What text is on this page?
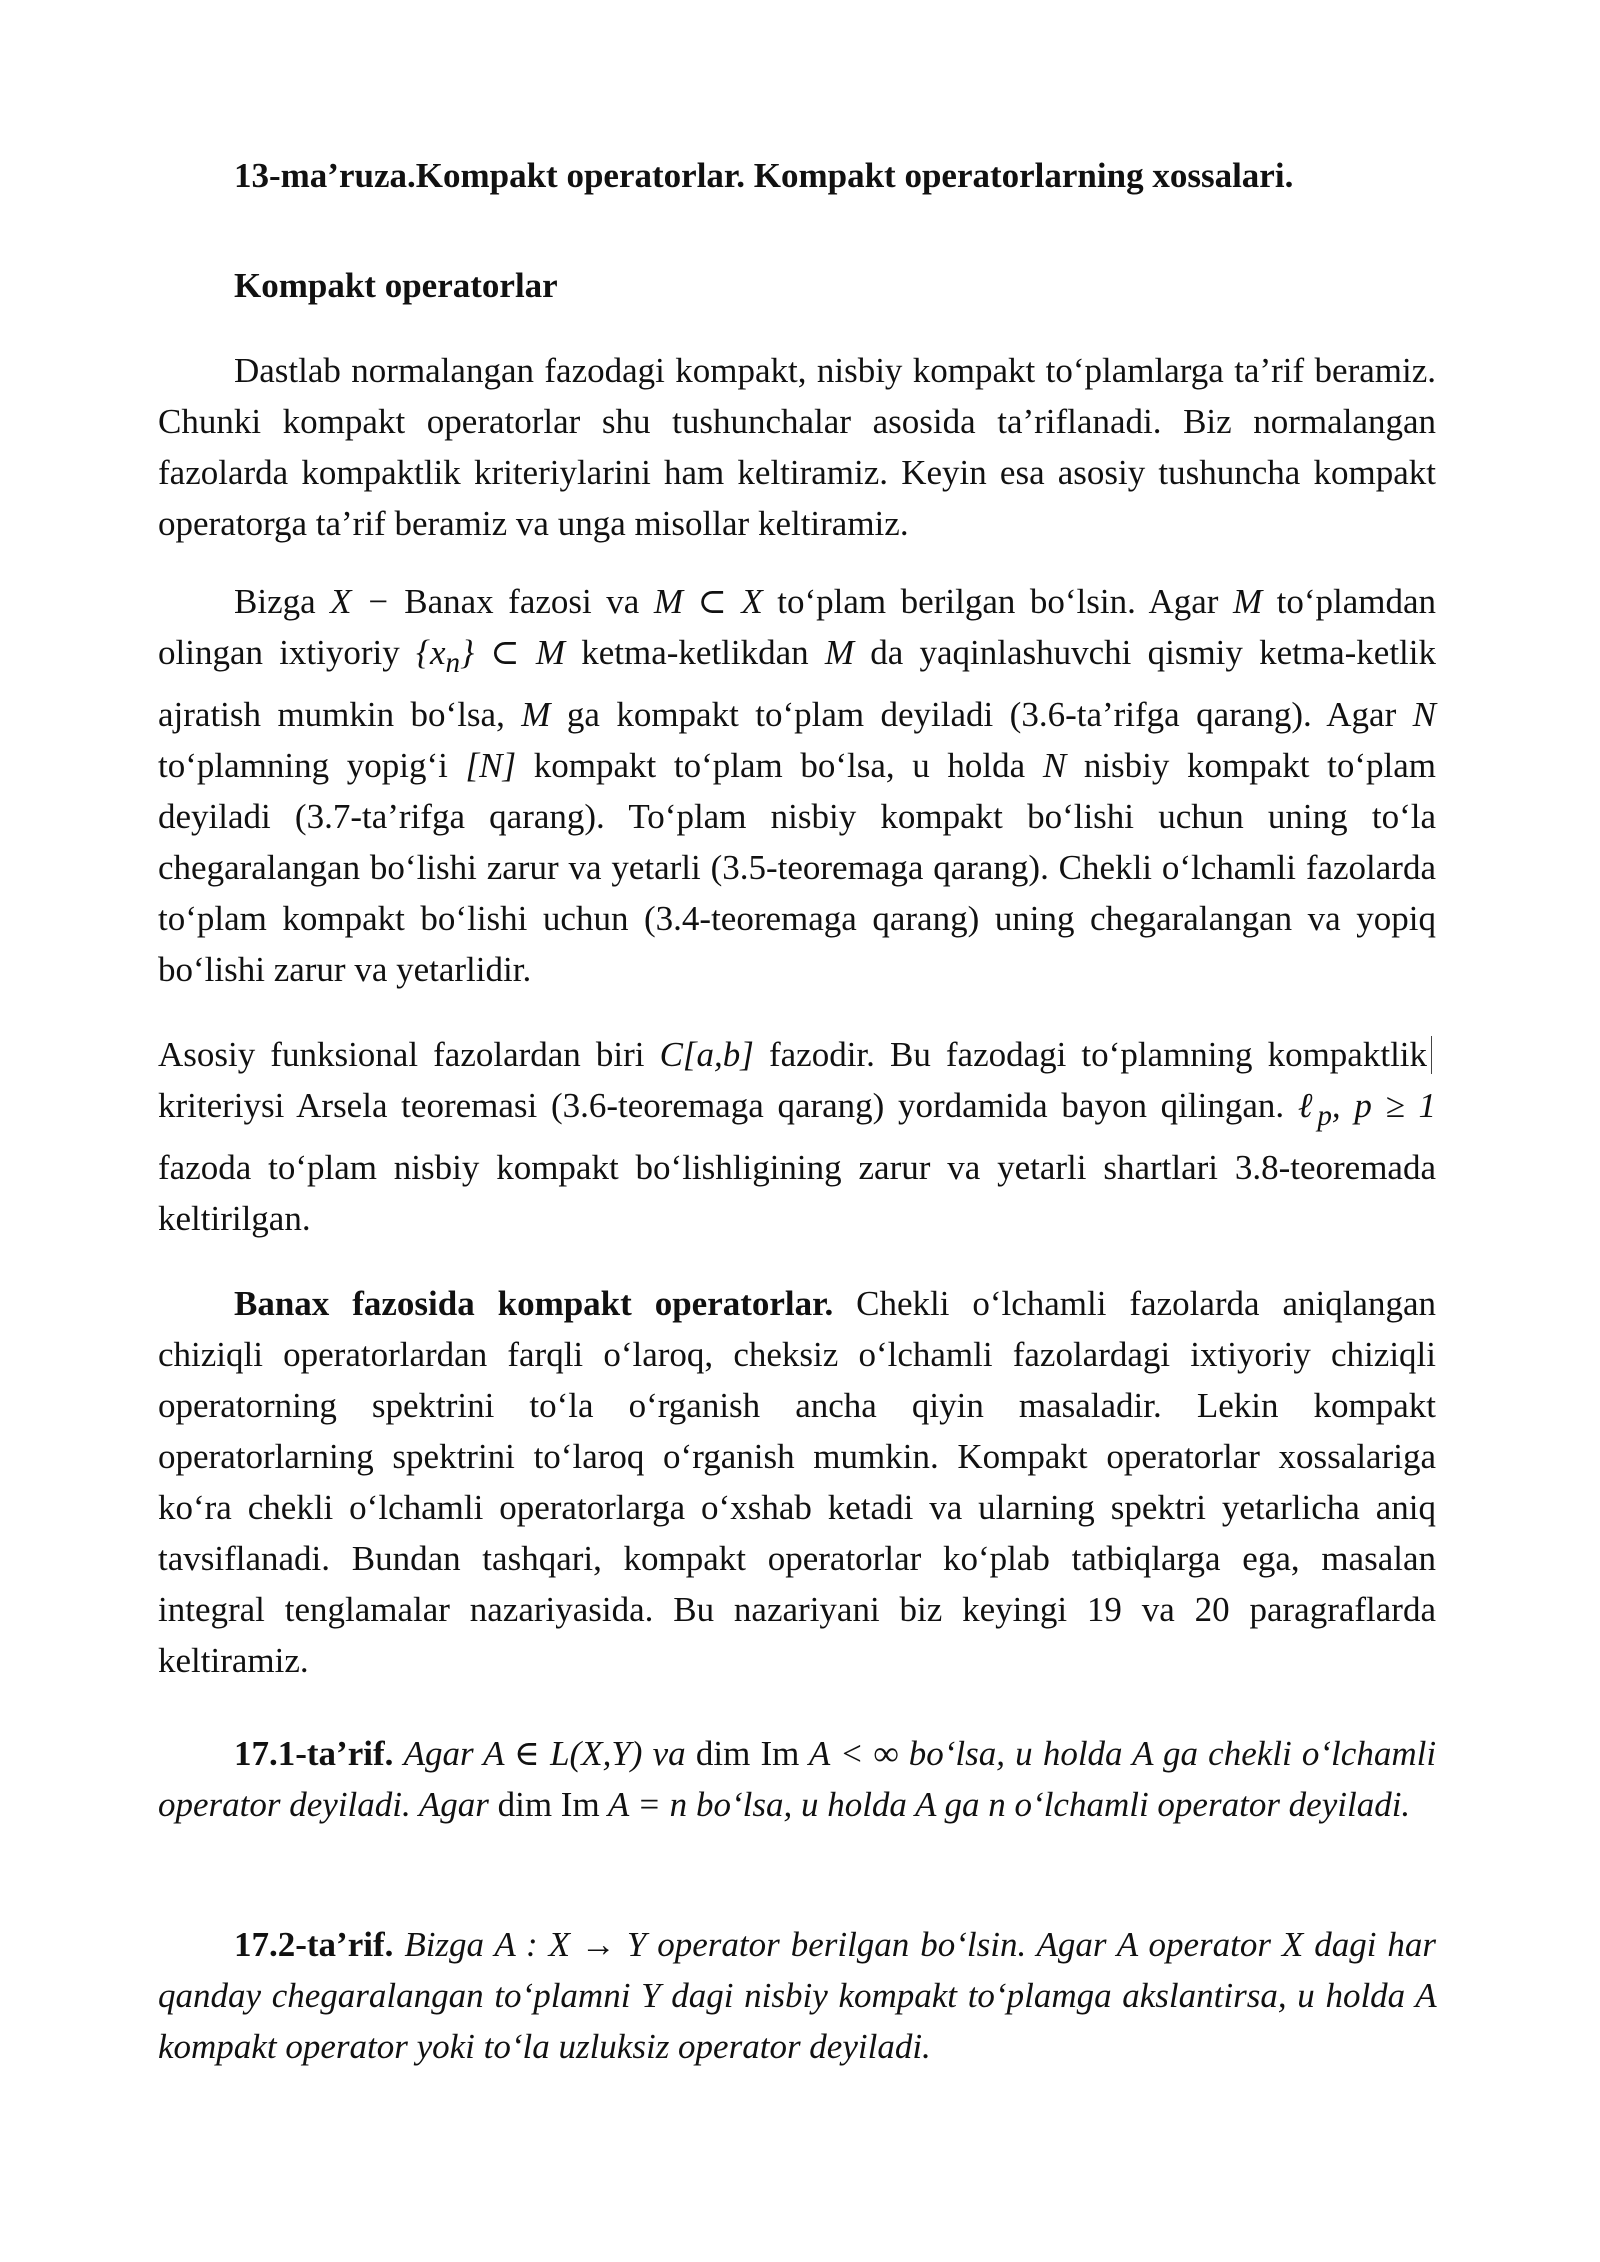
13-ma’ruza.Kompakt operatorlar. Kompakt operatorlarning xossalari.

Kompakt operatorlar

Dastlab normalangan fazodagi kompakt, nisbiy kompakt to‘plamlarga ta’rif beramiz. Chunki kompakt operatorlar shu tushunchalar asosida ta’riflanadi. Biz normalangan fazolarda kompaktlik kriteriylarini ham keltiramiz. Keyin esa asosiy tushuncha kompakt operatorga ta’rif beramiz va unga misollar keltiramiz.

Bizga X − Banax fazosi va M ⊂ X to‘plam berilgan bo‘lsin. Agar M to‘plamdan olingan ixtiyoriy $\{x_n\}$ ⊂ M ketma-ketlikdan M da yaqinlashuvchi qismiy ketma-ketlik ajratish mumkin bo‘lsa, M ga kompakt to‘plam deyiladi (3.6-ta’rifga qarang). Agar N to‘plamning yopig‘i [N] kompakt to‘plam bo‘lsa, u holda N nisbiy kompakt to‘plam deyiladi (3.7-ta’rifga qarang). To‘plam nisbiy kompakt bo‘lishi uchun uning to‘la chegaralangan bo‘lishi zarur va yetarli (3.5-teoremaga qarang). Chekli o‘lchamli fazolarda to‘plam kompakt bo‘lishi uchun (3.4-teoremaga qarang) uning chegaralangan va yopiq bo‘lishi zarur va yetarlidir.

Asosiy funksional fazolardan biri C[a,b] fazodir. Bu fazodagi to‘plamning kompaktlikkriteriysi Arsela teoremasi (3.6-teoremaga qarang) yordamida bayon qilingan. ℓ$_p$, p ≥ 1 fazoda to‘plam nisbiy kompakt bo‘lishligining zarur va yetarli shartlari 3.8-teoremada keltirilgan.

Banax fazosida kompakt operatorlar. Chekli o‘lchamli fazolarda aniqlangan chiziqli operatorlardan farqli o‘laroq, cheksiz o‘lchamli fazolardagi ixtiyoriy chiziqli operatorning spektrini to‘la o‘rganish ancha qiyin masaladir. Lekin kompakt operatorlarning spektrini to‘laroq o‘rganish mumkin. Kompakt operatorlar xossalariga ko‘ra chekli o‘lchamli operatorlarga o‘xshab ketadi va ularning spektri yetarlicha aniq tavsiflanadi. Bundan tashqari, kompakt operatorlar ko‘plab tatbiqlarga ega, masalan integral tenglamalar nazariyasida. Bu nazariyani biz keyingi 19 va 20 paragraflarda keltiramiz.

17.1-ta’rif. Agar A ∈ L(X,Y) va dim Im A < ∞ bo‘lsa, u holda A ga chekli o‘lchamli operator deyiladi. Agar dim Im A = n bo‘lsa, u holda A ga n o‘lchamli operator deyiladi.

17.2-ta’rif. Bizga A : X → Y operator berilgan bo‘lsin. Agar A operator X dagi har qanday chegaralangan to‘plamni Y dagi nisbiy kompakt to‘plamga akslantirsa, u holda A kompakt operator yoki to‘la uzluksiz operator deyiladi.
